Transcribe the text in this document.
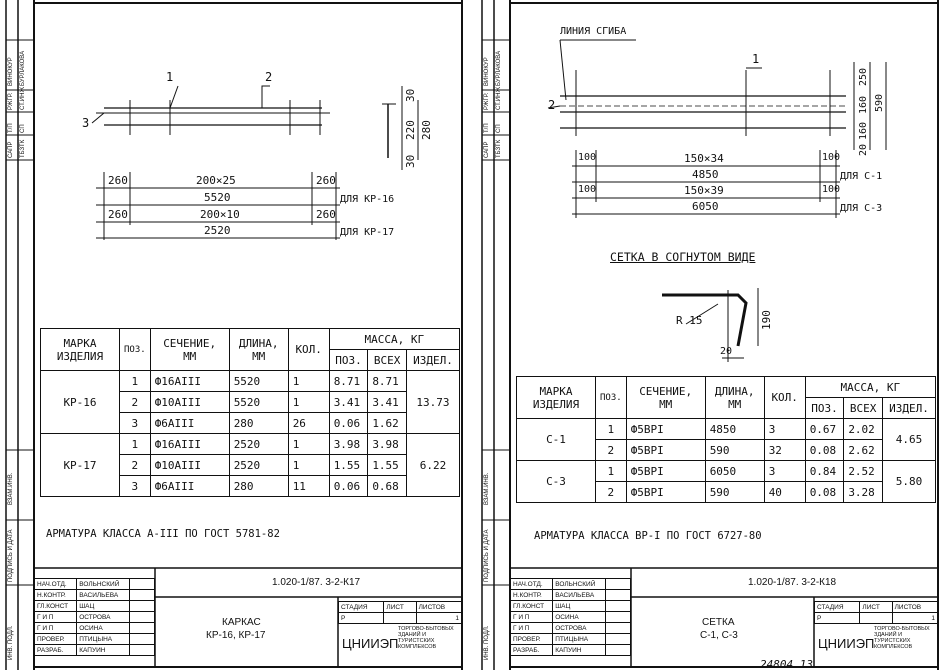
САПР ТБЗТК
Т/П СП
РЖГР. СТ.ИНЖ
ВИНОКУР БУРЛАКОВА
ИНВ. ПОДЛ.
ПОДПИСЬ И ДАТА
ВЗАМ.ИНВ.
1	2
3
30
220 280
30
260	200×25	260
5520	ДЛЯ КР-16
260	200×10	260
2520	ДЛЯ КР-17
МАРКА ИЗДЕЛИЯ	ПОЗ.	СЕЧЕНИЕ, ММ	ДЛИНА, ММ	КОЛ.	МАССА, КГ		
					ПОЗ.	ВСЕХ	ИЗДЕЛ.
КР-16	1	Ф16АIII	5520	1	8.71	8.71	13.73
	2	Ф10АIII	5520	1	3.41	3.41	
	3	Ф6АIII	280	26	0.06	1.62	
КР-17	1	Ф16АIII	2520	1	3.98	3.98	6.22
	2	Ф10АIII	2520	1	1.55	1.55	
	3	Ф6АIII	280	11	0.06	0.68	
АРМАТУРА КЛАССА А-III ПО ГОСТ 5781-82
НАЧ.ОТД.	ВОЛЬНСКИЙ	
Н.КОНТР.	ВАСИЛЬЕВА	
ГЛ.КОНСТ	ШАЦ	
Г И П	ОСТРОВА	
Г И П	ОСИНА	
ПРОВЕР.	ПТИЦЫНА	
РАЗРАБ.	КАПУИН	
1.020-1/87. 3-2-К17
КАРКАС
КР-16, КР-17
СТАДИЯ	ЛИСТ	ЛИСТОВ
Р		1
ЦНИИЭП
ТОРГОВО-БЫТОВЫХ ЗДАНИЙ И ТУРИСТСКИХ КОМПЛЕКСОВ
САПР ТБЗТК
Т/П СП
РЖГР. СТ.ИНЖ
ВИНОКУР БУРЛАКОВА
ИНВ. ПОДЛ.
ПОДПИСЬ И ДАТА
ВЗАМ.ИНВ.
ЛИНИЯ СГИБА
1
2
250
160
160
590
20
100	150×34	100
4850	ДЛЯ С-1
100	150×39	100
6050	ДЛЯ С-3
СЕТКА В СОГНУТОМ ВИДЕ
R 15	190
20
МАРКА ИЗДЕЛИЯ	ПОЗ.	СЕЧЕНИЕ, ММ	ДЛИНА, ММ	КОЛ.	МАССА, КГ		
					ПОЗ.	ВСЕХ	ИЗДЕЛ.
С-1	1	Ф5ВРI	4850	3	0.67	2.02	4.65
	2	Ф5ВРI	590	32	0.08	2.62	
С-3	1	Ф5ВРI	6050	3	0.84	2.52	5.80
	2	Ф5ВРI	590	40	0.08	3.28	
АРМАТУРА КЛАССА ВР-I ПО ГОСТ 6727-80
НАЧ.ОТД.	ВОЛЬНСКИЙ	
Н.КОНТР.	ВАСИЛЬЕВА	
ГЛ.КОНСТ	ШАЦ	
Г И П	ОСИНА	
Г И П	ОСТРОВА	
ПРОВЕР.	ПТИЦЫНА	
РАЗРАБ.	КАПУИН	
1.020-1/87. 3-2-К18
СЕТКА
С-1, С-3
СТАДИЯ	ЛИСТ	ЛИСТОВ
Р		1
ЦНИИЭП
ТОРГОВО-БЫТОВЫХ ЗДАНИЙ И ТУРИСТСКИХ КОМПЛЕКСОВ
24804 13
